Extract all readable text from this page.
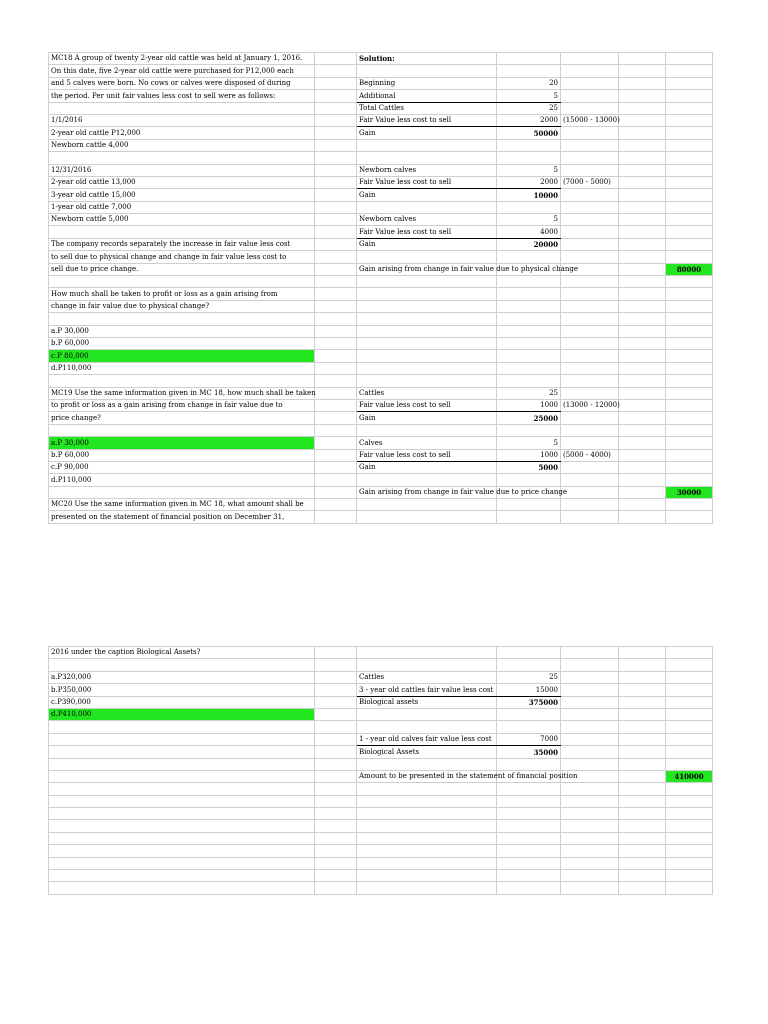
MC18 A group of twenty 2-year old cattle was held at January 1, 2016.		Solution:				
On this date, five 2-year old cattle were purchased for P12,000 each						
and 5 calves were born. No cows or calves were disposed of during		Beginning	20			
the period. Per unit fair values less cost to sell were as follows:		Additional	5			
		Total Cattles	25			
1/1/2016		Fair Value less cost to sell	2000	(15000 - 13000)		
2-year old cattle P12,000		Gain	50000			
Newborn cattle 4,000						

12/31/2016		Newborn calves	5			
2-year old cattle 13,000		Fair Value less cost to sell	2000	(7000 - 5000)		
3-year old cattle 15,000		Gain	10000			
1-year old cattle 7,000						
Newborn cattle 5,000		Newborn calves	5			
		Fair Value less cost to sell	4000			
The company records separately the increase in fair value less cost		Gain	20000			
to sell due to physical change and change in fair value less cost to						
sell due to price change.		Gain arising from change in fair value due to physical change				80000

How much shall be taken to profit or loss as a gain arising from						
change in fair value due to physical change?						

a.P 30,000						
b.P 60,000						
c.P 80,000						
d.P110,000						

MC19 Use the same information given in MC 18, how much shall be taken		Cattles	25			
to profit or loss as a gain arising from change in fair value due to		Fair value less cost to sell	1000	(13000 - 12000)		
price change?		Gain	25000			

a.P 30,000		Calves	5			
b.P 60,000		Fair value less cost to sell	1000	(5000 - 4000)		
c.P 90,000		Gain	5000			
d.P110,000						
		Gain arising from change in fair value due to price change				30000
MC20 Use the same information given in MC 18, what amount shall be						
presented on the statement of financial position on December 31,						
2016 under the caption Biological Assets?						

a.P320,000		Cattles	25			
b.P350,000		3 - year old cattles fair value less cost	15000			
c.P390,000		Biological assets	375000			
d.P410,000						

		1 - year old calves fair value less cost	7000			
		Biological Assets	35000			

		Amount to be presented in the statement of financial position				410000
